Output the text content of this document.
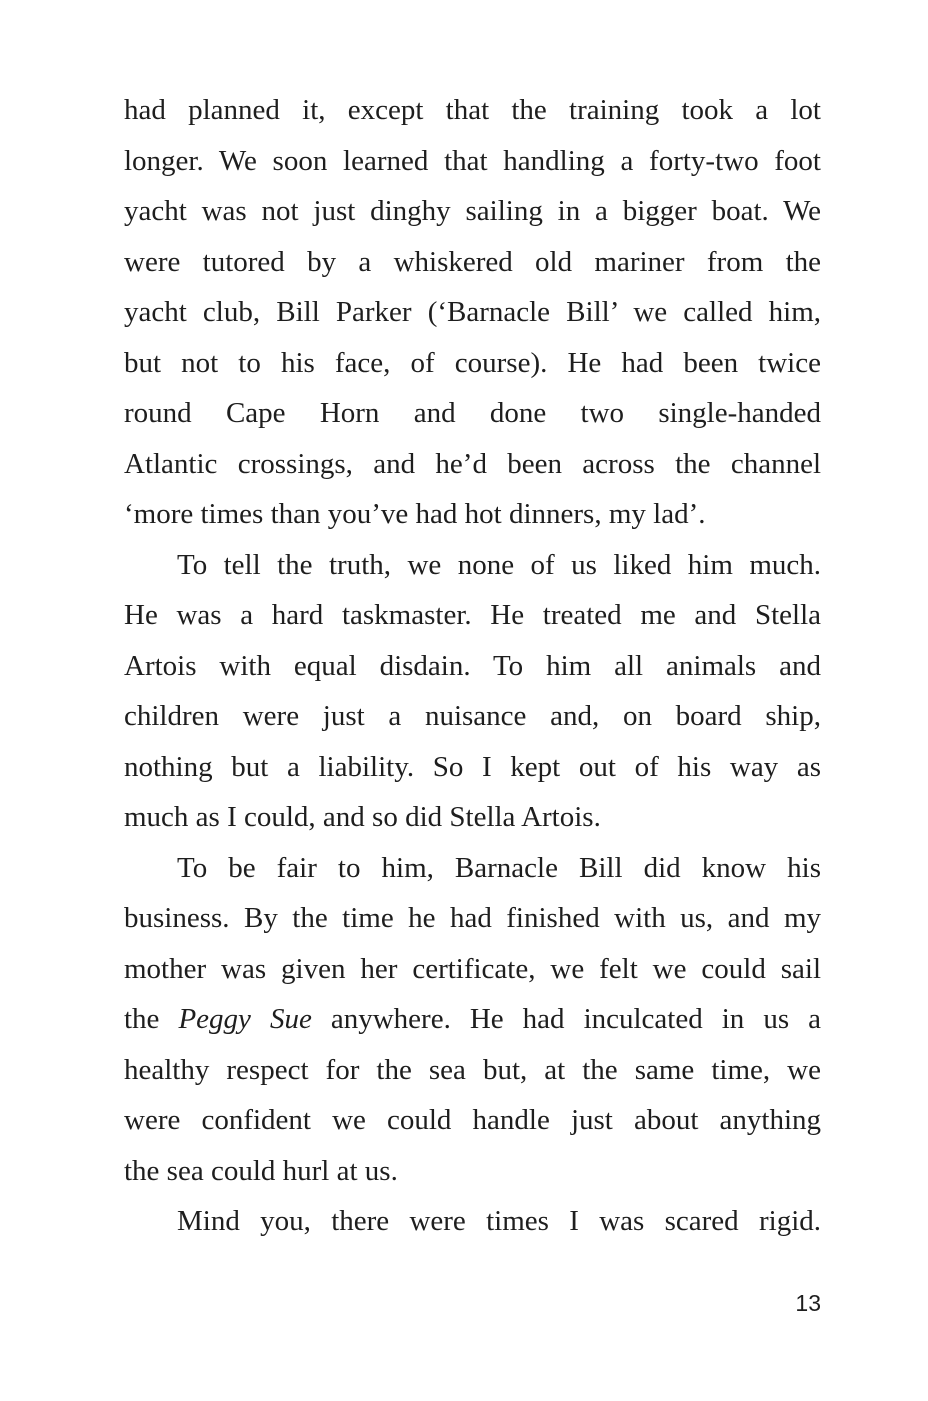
had planned it, except that the training took a lot
longer. We soon learned that handling a forty-two foot
yacht was not just dinghy sailing in a bigger boat. We
were tutored by a whiskered old mariner from the
yacht club, Bill Parker (‘Barnacle Bill’ we called him,
but not to his face, of course). He had been twice
round Cape Horn and done two single-handed
Atlantic crossings, and he’d been across the channel
‘more times than you’ve had hot dinners, my lad’.
To tell the truth, we none of us liked him much.
He was a hard taskmaster. He treated me and Stella
Artois with equal disdain. To him all animals and
children were just a nuisance and, on board ship,
nothing but a liability. So I kept out of his way as
much as I could, and so did Stella Artois.
To be fair to him, Barnacle Bill did know his
business. By the time he had finished with us, and my
mother was given her certificate, we felt we could sail
the Peggy Sue anywhere. He had inculcated in us a
healthy respect for the sea but, at the same time, we
were confident we could handle just about anything
the sea could hurl at us.
Mind you, there were times I was scared rigid.
13
